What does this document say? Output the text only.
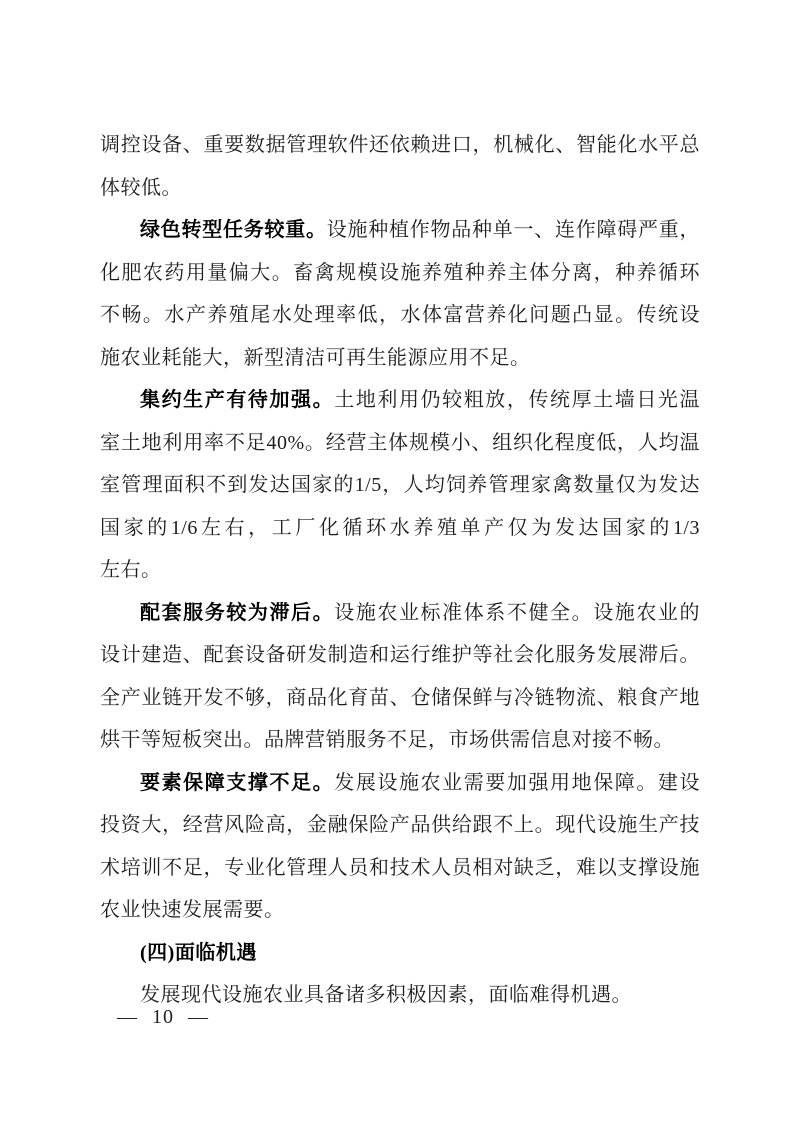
调控设备、重要数据管理软件还依赖进口，机械化、智能化水平总
体较低。
绿色转型任务较重。设施种植作物品种单一、连作障碍严重，
化肥农药用量偏大。畜禽规模设施养殖种养主体分离，种养循环
不畅。水产养殖尾水处理率低，水体富营养化问题凸显。传统设
施农业耗能大，新型清洁可再生能源应用不足。
集约生产有待加强。土地利用仍较粗放，传统厚土墙日光温
室土地利用率不足40%。经营主体规模小、组织化程度低，人均温
室管理面积不到发达国家的1/5，人均饲养管理家禽数量仅为发达
国家的1/6左右，工厂化循环水养殖单产仅为发达国家的1/3
左右。
配套服务较为滞后。设施农业标准体系不健全。设施农业的
设计建造、配套设备研发制造和运行维护等社会化服务发展滞后。
全产业链开发不够，商品化育苗、仓储保鲜与冷链物流、粮食产地
烘干等短板突出。品牌营销服务不足，市场供需信息对接不畅。
要素保障支撑不足。发展设施农业需要加强用地保障。建设
投资大，经营风险高，金融保险产品供给跟不上。现代设施生产技
术培训不足，专业化管理人员和技术人员相对缺乏，难以支撑设施
农业快速发展需要。
(四)面临机遇
发展现代设施农业具备诸多积极因素，面临难得机遇。
— 10 —
